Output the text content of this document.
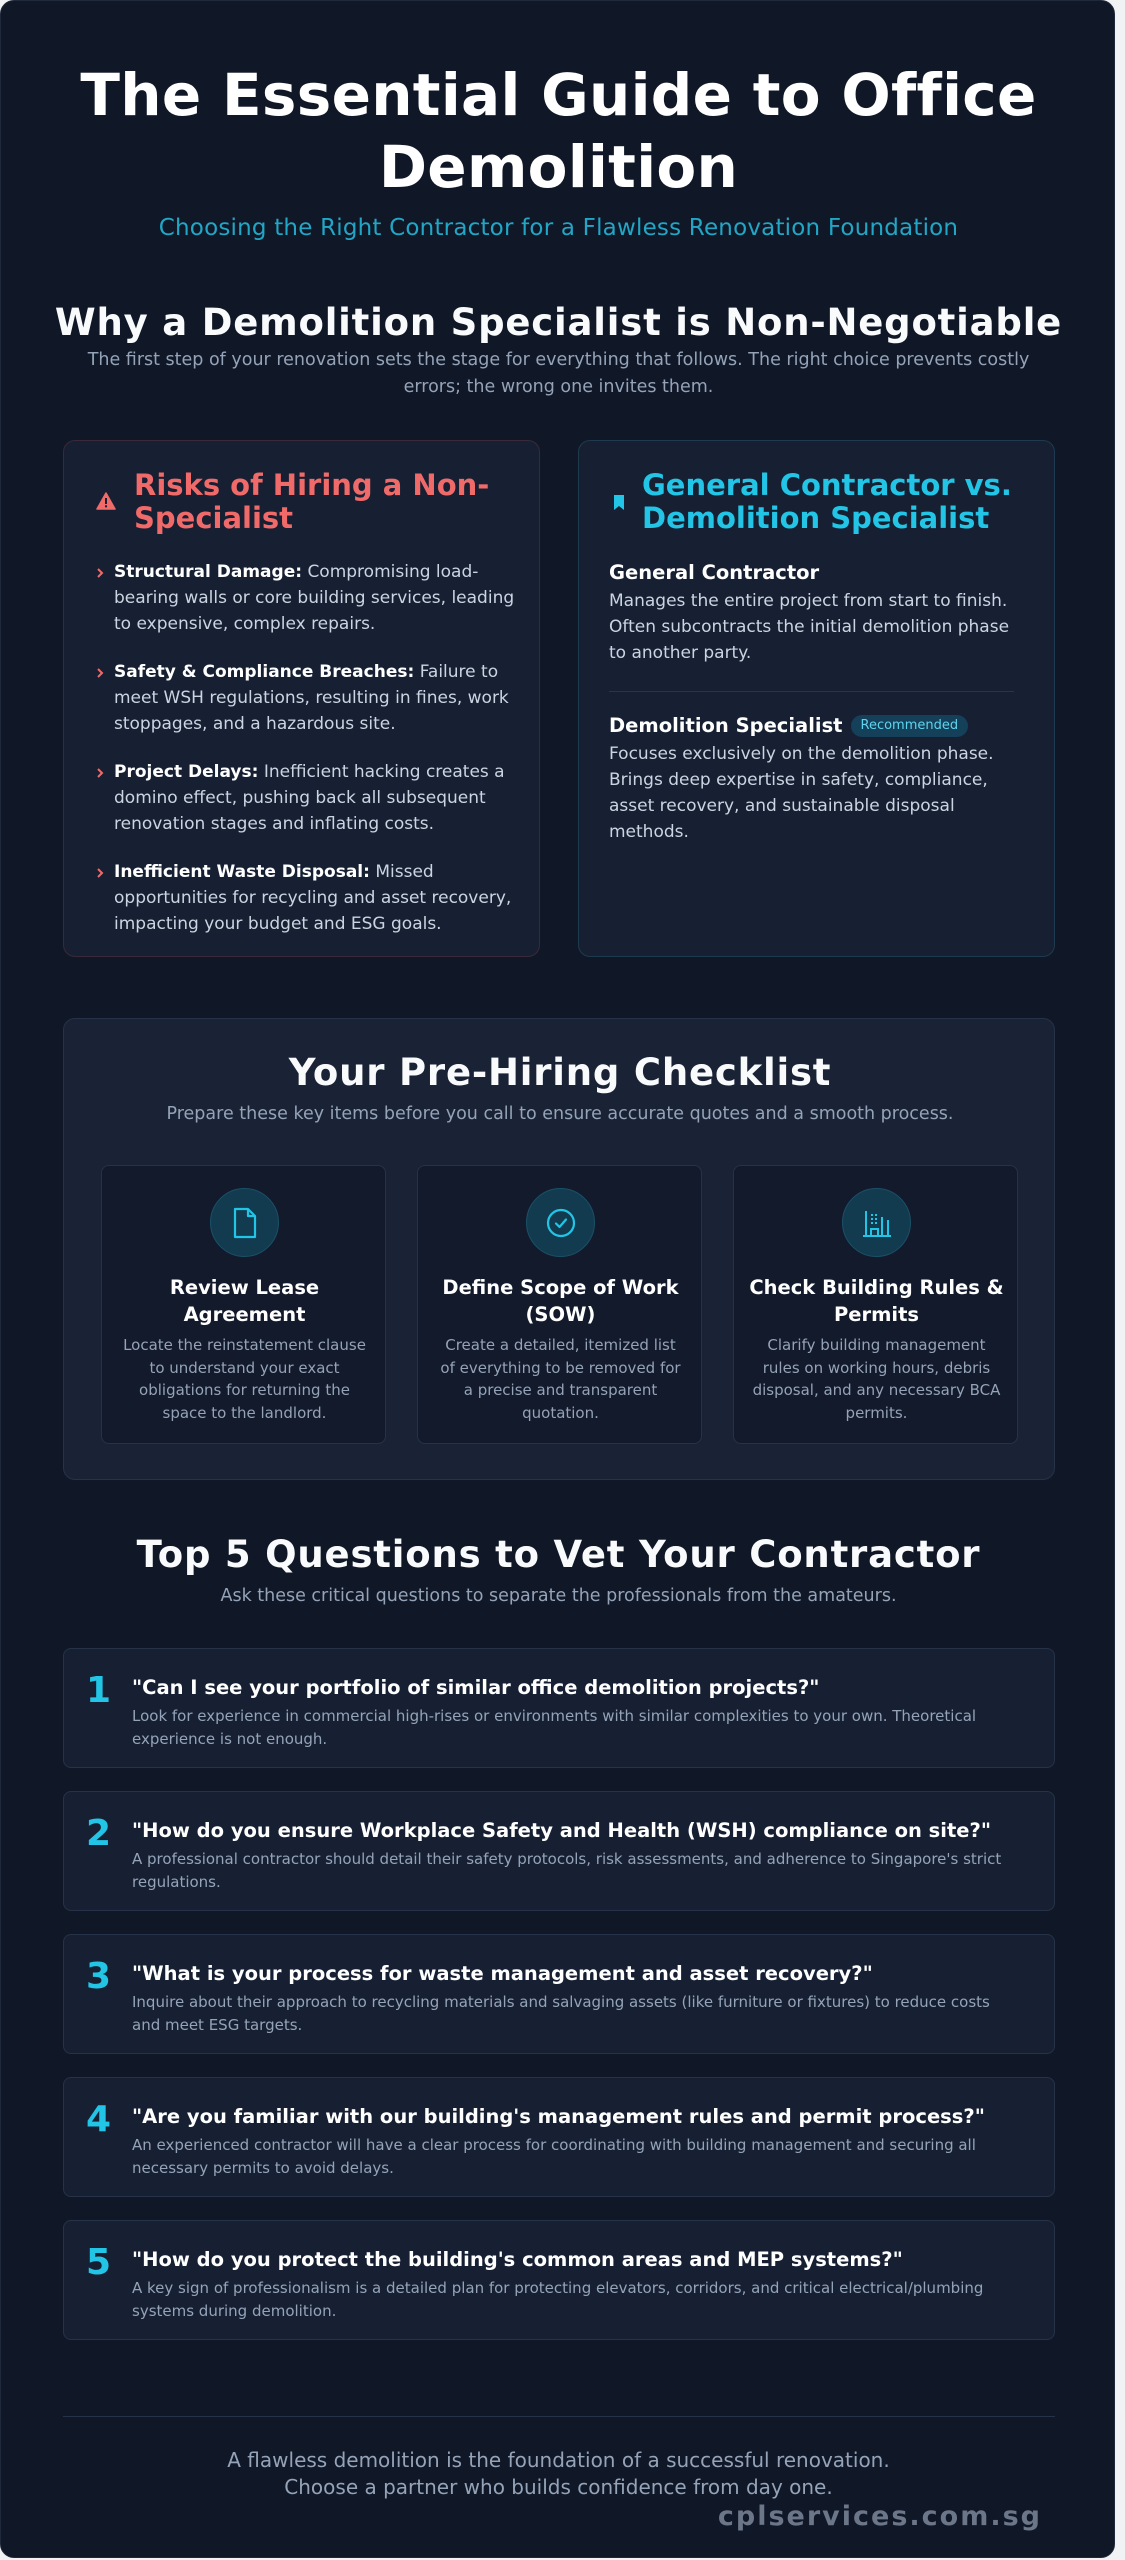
The Essential Guide to Office Demolition
Choosing the Right Contractor for a Flawless Renovation Foundation
Why a Demolition Specialist is Non-Negotiable

The first step of your renovation sets the stage for everything that follows. The right choice prevents costly errors; the wrong one invites them.

Risks of Hiring a Non-Specialist
Structural Damage: Compromising load-bearing walls or core building services, leading to expensive, complex repairs.
Safety & Compliance Breaches: Failure to meet WSH regulations, resulting in fines, work stoppages, and a hazardous site.
Project Delays: Inefficient hacking creates a domino effect, pushing back all subsequent renovation stages and inflating costs.
Inefficient Waste Disposal: Missed opportunities for recycling and asset recovery, impacting your budget and ESG goals.
General Contractor vs. Demolition Specialist
General Contractor
Manages the entire project from start to finish. Often subcontracts the initial demolition phase to another party.
Demolition Specialist	Recommended
Focuses exclusively on the demolition phase. Brings deep expertise in safety, compliance, asset recovery, and sustainable disposal methods.
Your Pre-Hiring Checklist

Prepare these key items before you call to ensure accurate quotes and a smooth process.

Review Lease Agreement
Locate the reinstatement clause to understand your exact obligations for returning the space to the landlord.
Define Scope of Work (SOW)
Create a detailed, itemized list of everything to be removed for a precise and transparent quotation.
Check Building Rules & Permits
Clarify building management rules on working hours, debris disposal, and any necessary BCA permits.
Top 5 Questions to Vet Your Contractor

Ask these critical questions to separate the professionals from the amateurs.

1 "Can I see your portfolio of similar office demolition projects?"
Look for experience in commercial high-rises or environments with similar complexities to your own. Theoretical experience is not enough.
2 "How do you ensure Workplace Safety and Health (WSH) compliance on site?"
A professional contractor should detail their safety protocols, risk assessments, and adherence to Singapore's strict regulations.
3 "What is your process for waste management and asset recovery?"
Inquire about their approach to recycling materials and salvaging assets (like furniture or fixtures) to reduce costs and meet ESG targets.
4 "Are you familiar with our building's management rules and permit process?"
An experienced contractor will have a clear process for coordinating with building management and securing all necessary permits to avoid delays.
5 "How do you protect the building's common areas and MEP systems?"
A key sign of professionalism is a detailed plan for protecting elevators, corridors, and critical electrical/plumbing systems during demolition.
A flawless demolition is the foundation of a successful renovation.
Choose a partner who builds confidence from day one.
cplservices.com.sg
